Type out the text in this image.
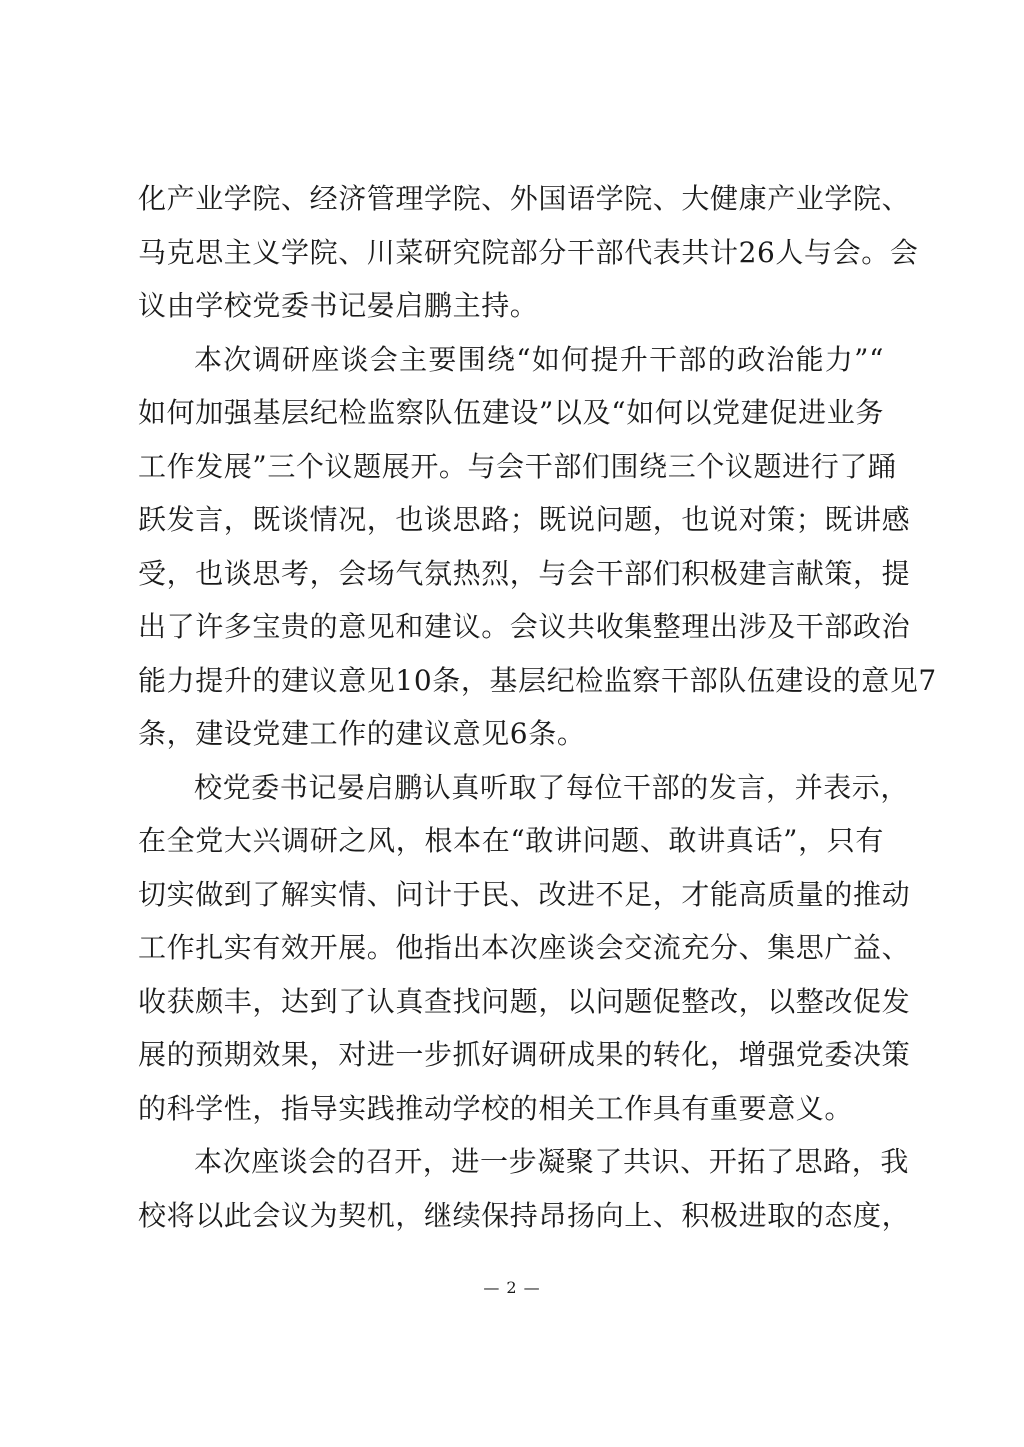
化产业学院、经济管理学院、外国语学院、大健康产业学院、
马克思主义学院、川菜研究院部分干部代表共计26人与会。会
议由学校党委书记晏启鹏主持。
本次调研座谈会主要围绕“如何提升干部的政治能力”“
如何加强基层纪检监察队伍建设”以及“如何以党建促进业务
工作发展”三个议题展开。与会干部们围绕三个议题进行了踊
跃发言，既谈情况，也谈思路；既说问题，也说对策；既讲感
受，也谈思考，会场气氛热烈，与会干部们积极建言献策，提
出了许多宝贵的意见和建议。会议共收集整理出涉及干部政治
能力提升的建议意见10条，基层纪检监察干部队伍建设的意见7
条，建设党建工作的建议意见6条。
校党委书记晏启鹏认真听取了每位干部的发言，并表示，
在全党大兴调研之风，根本在“敢讲问题、敢讲真话”，只有
切实做到了解实情、问计于民、改进不足，才能高质量的推动
工作扎实有效开展。他指出本次座谈会交流充分、集思广益、
收获颇丰，达到了认真查找问题，以问题促整改，以整改促发
展的预期效果，对进一步抓好调研成果的转化，增强党委决策
的科学性，指导实践推动学校的相关工作具有重要意义。
本次座谈会的召开，进一步凝聚了共识、开拓了思路，我
校将以此会议为契机，继续保持昂扬向上、积极进取的态度，
— 2 —
